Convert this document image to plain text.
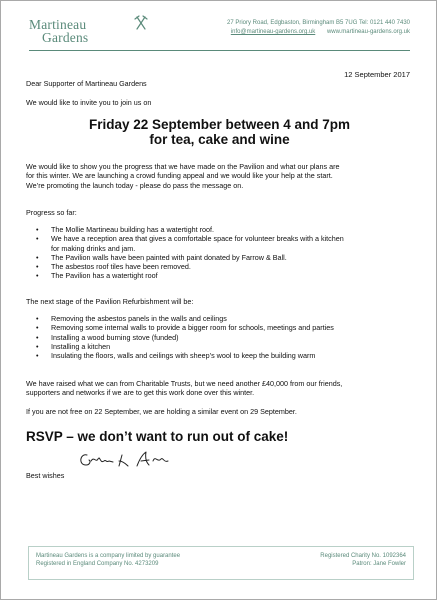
Martineau
Gardens
27 Priory Road, Edgbaston, Birmingham B5 7UG Tel: 0121 440 7430
info@martineau-gardens.org.uk www.martineau-gardens.org.uk
12 September 2017
Dear Supporter of Martineau Gardens
We would like to invite you to join us on
Friday 22 September between 4 and 7pm
for tea, cake and wine
We would like to show you the progress that we have made on the Pavilion and what our plans are
for this winter. We are launching a crowd funding appeal and we would like your help at the start.
We’re promoting the launch today - please do pass the message on.
Progress so far:
• The Mollie Martineau building has a watertight roof.
• We have a reception area that gives a comfortable space for volunteer breaks with a kitchen
for making drinks and jam.
• The Pavilion walls have been painted with paint donated by Farrow & Ball.
• The asbestos roof tiles have been removed.
• The Pavilion has a watertight roof
The next stage of the Pavilion Refurbishment will be:
• Removing the asbestos panels in the walls and ceilings
• Removing some internal walls to provide a bigger room for schools, meetings and parties
• Installing a wood burning stove (funded)
• Installing a kitchen
• Insulating the floors, walls and ceilings with sheep’s wool to keep the building warm
We have raised what we can from Charitable Trusts, but we need another £40,000 from our friends,
supporters and networks if we are to get this work done over this winter.
If you are not free on 22 September, we are holding a similar event on 29 September.
RSVP – we don’t want to run out of cake!
Best wishes
Martineau Gardens is a company limited by guarantee
Registered in England Company No. 4273209
Registered Charity No. 1092364
Patron: Jane Fowler
